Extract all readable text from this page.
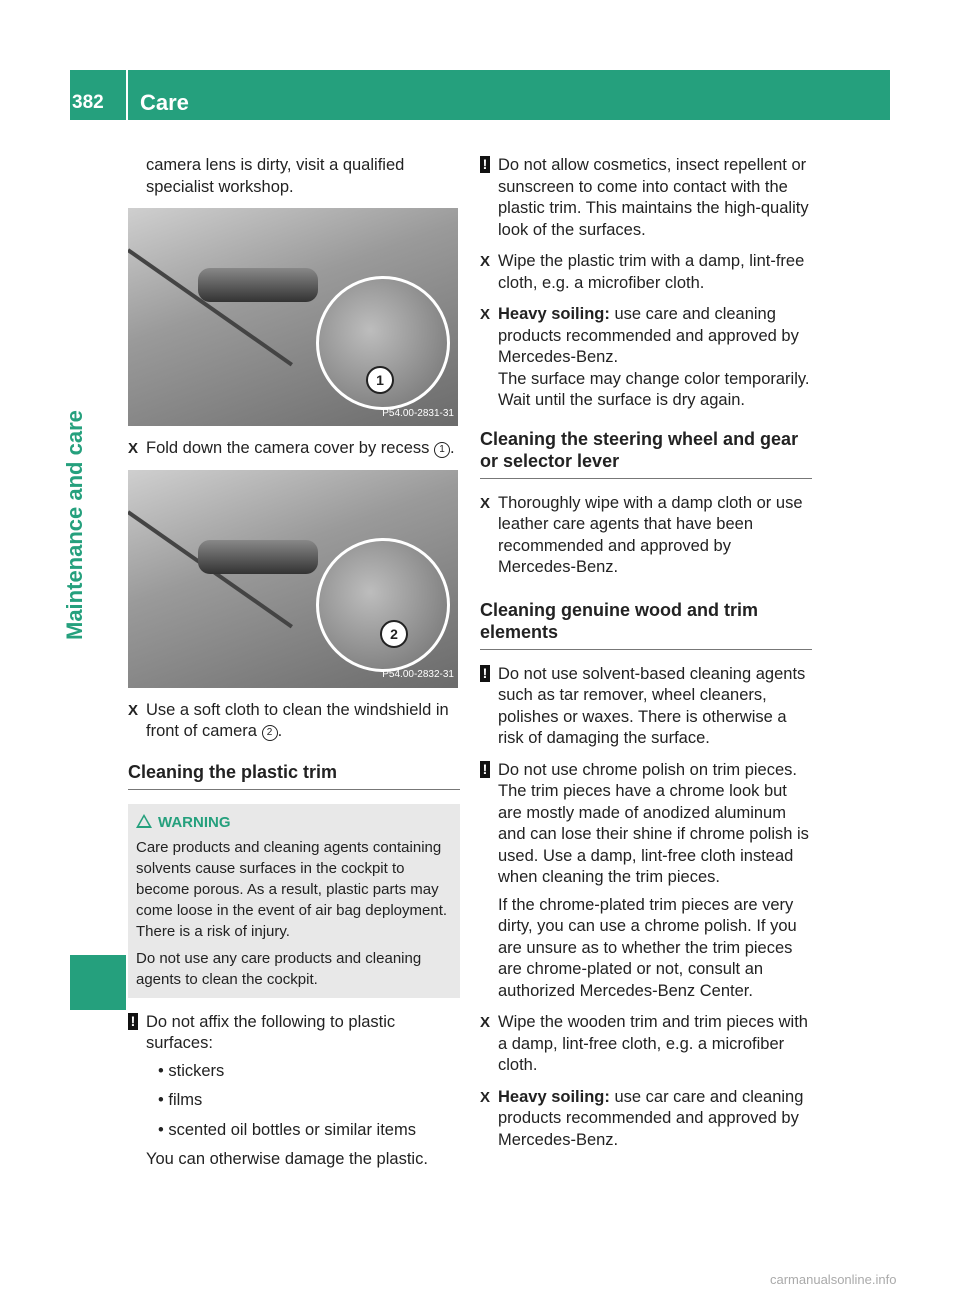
382 Care
Maintenance and care

camera lens is dirty, visit a qualified specialist workshop.

1
P54.00-2831-31
X Fold down the camera cover by recess 1 .
2
P54.00-2832-31
X Use a soft cloth to clean the windshield in front of camera 2 .
Cleaning the plastic trim
WARNING
Care products and cleaning agents containing solvents cause surfaces in the cockpit to become porous. As a result, plastic parts may come loose in the event of air bag deployment. There is a risk of injury.
Do not use any care products and cleaning agents to clean the cockpit.
! Do not affix the following to plastic surfaces:
• stickers
• films
• scented oil bottles or similar items
You can otherwise damage the plastic.
! Do not allow cosmetics, insect repellent or sunscreen to come into contact with the plastic trim. This maintains the high-quality look of the surfaces.
X Wipe the plastic trim with a damp, lint-free cloth, e.g. a microfiber cloth.
X Heavy soiling: use care and cleaning products recommended and approved by Mercedes-Benz.
The surface may change color temporarily. Wait until the surface is dry again.
Cleaning the steering wheel and gear or selector lever
X Thoroughly wipe with a damp cloth or use leather care agents that have been recommended and approved by Mercedes-Benz.
Cleaning genuine wood and trim elements
! Do not use solvent-based cleaning agents such as tar remover, wheel cleaners, polishes or waxes. There is otherwise a risk of damaging the surface.
! Do not use chrome polish on trim pieces. The trim pieces have a chrome look but are mostly made of anodized aluminum and can lose their shine if chrome polish is used. Use a damp, lint-free cloth instead when cleaning the trim pieces.
If the chrome-plated trim pieces are very dirty, you can use a chrome polish. If you are unsure as to whether the trim pieces are chrome-plated or not, consult an authorized Mercedes-Benz Center.
X Wipe the wooden trim and trim pieces with a damp, lint-free cloth, e.g. a microfiber cloth.
X Heavy soiling: use car care and cleaning products recommended and approved by Mercedes-Benz.
carmanualsonline.info
